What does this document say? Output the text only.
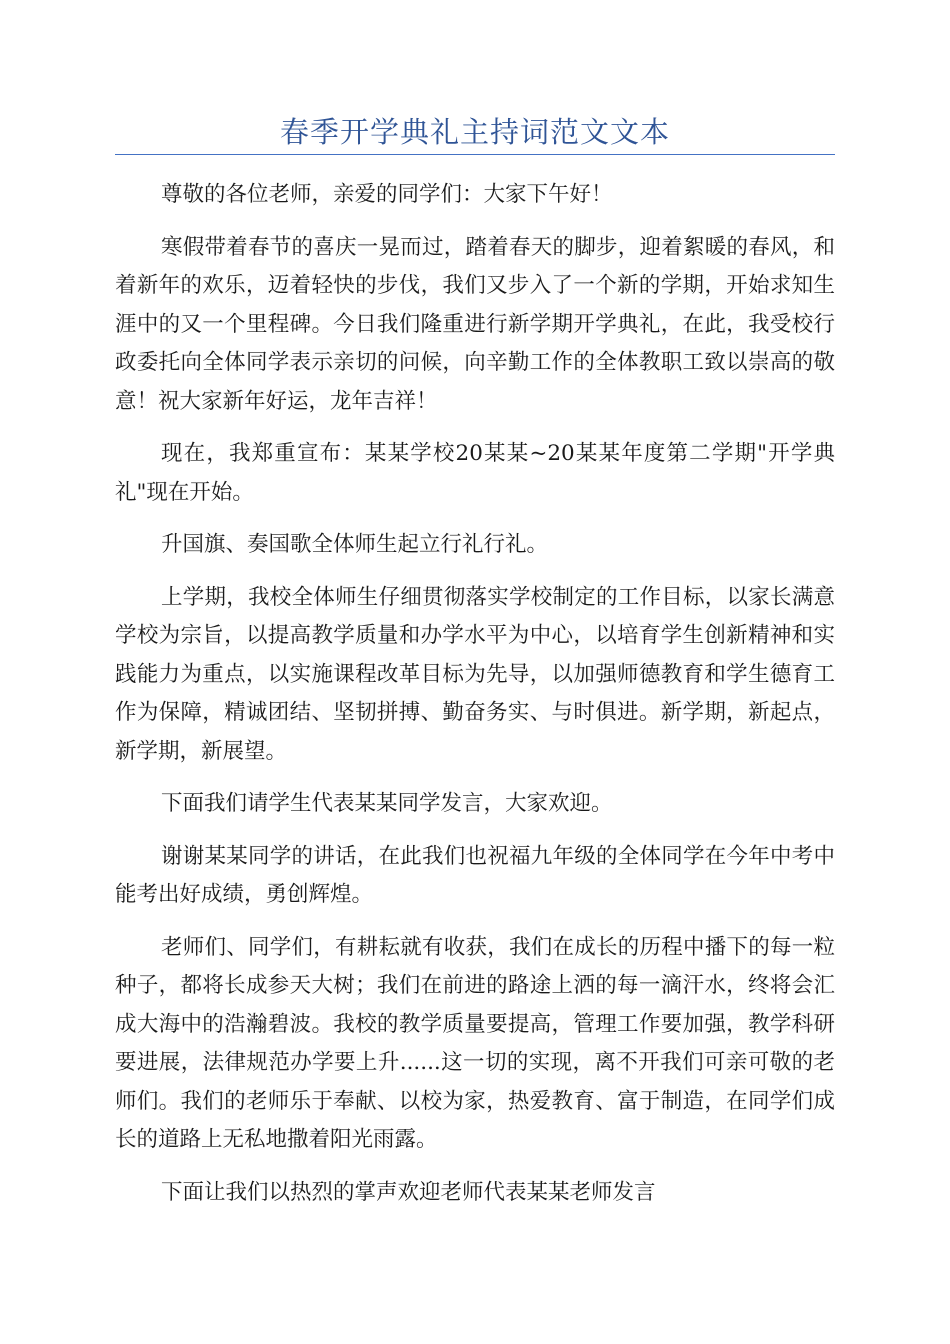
春季开学典礼主持词范文文本

尊敬的各位老师，亲爱的同学们：大家下午好！

寒假带着春节的喜庆一晃而过，踏着春天的脚步，迎着絮暖的春风，和着新年的欢乐，迈着轻快的步伐，我们又步入了一个新的学期，开始求知生涯中的又一个里程碑。今日我们隆重进行新学期开学典礼，在此，我受校行政委托向全体同学表示亲切的问候，向辛勤工作的全体教职工致以崇高的敬意！祝大家新年好运，龙年吉祥！

现在，我郑重宣布：某某学校20某某~20某某年度第二学期"开学典礼"现在开始。

升国旗、奏国歌全体师生起立行礼行礼。

上学期，我校全体师生仔细贯彻落实学校制定的工作目标，以家长满意学校为宗旨，以提高教学质量和办学水平为中心，以培育学生创新精神和实践能力为重点，以实施课程改革目标为先导，以加强师德教育和学生德育工作为保障，精诚团结、坚韧拼搏、勤奋务实、与时俱进。新学期，新起点，新学期，新展望。

下面我们请学生代表某某同学发言，大家欢迎。

谢谢某某同学的讲话，在此我们也祝福九年级的全体同学在今年中考中能考出好成绩，勇创辉煌。

老师们、同学们，有耕耘就有收获，我们在成长的历程中播下的每一粒种子，都将长成参天大树；我们在前进的路途上洒的每一滴汗水，终将会汇成大海中的浩瀚碧波。我校的教学质量要提高，管理工作要加强，教学科研要进展，法律规范办学要上升......这一切的实现，离不开我们可亲可敬的老师们。我们的老师乐于奉献、以校为家，热爱教育、富于制造，在同学们成长的道路上无私地撒着阳光雨露。

下面让我们以热烈的掌声欢迎老师代表某某老师发言
